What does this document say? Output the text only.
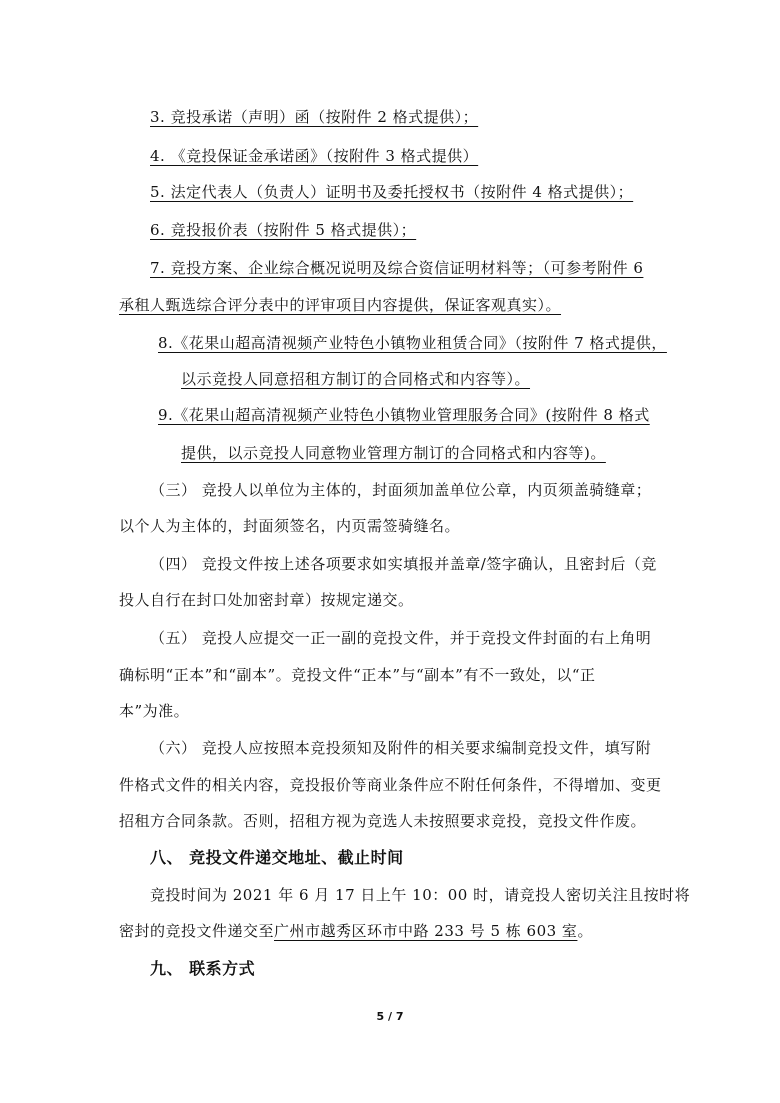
3. 竞投承诺（声明）函（按附件 2 格式提供）；
4. 《竞投保证金承诺函》（按附件 3 格式提供）
5. 法定代表人（负责人）证明书及委托授权书（按附件 4 格式提供）；
6. 竞投报价表（按附件 5 格式提供）；
7. 竞投方案、企业综合概况说明及综合资信证明材料等；（可参考附件 6
承租人甄选综合评分表中的评审项目内容提供，保证客观真实）。
8.《花果山超高清视频产业特色小镇物业租赁合同》（按附件 7 格式提供，
以示竞投人同意招租方制订的合同格式和内容等）。
9.《花果山超高清视频产业特色小镇物业管理服务合同》(按附件 8 格式
提供，以示竞投人同意物业管理方制订的合同格式和内容等)。
（三） 竞投人以单位为主体的，封面须加盖单位公章，内页须盖骑缝章；
以个人为主体的，封面须签名，内页需签骑缝名。
（四） 竞投文件按上述各项要求如实填报并盖章/签字确认，且密封后（竞
投人自行在封口处加密封章）按规定递交。
（五） 竞投人应提交一正一副的竞投文件，并于竞投文件封面的右上角明
确标明“正本”和“副本”。竞投文件“正本”与“副本”有不一致处，以“正
本”为准。
（六） 竞投人应按照本竞投须知及附件的相关要求编制竞投文件，填写附
件格式文件的相关内容，竞投报价等商业条件应不附任何条件，不得增加、变更
招租方合同条款。否则，招租方视为竞选人未按照要求竞投，竞投文件作废。
八、 竞投文件递交地址、截止时间
竞投时间为 2021 年 6 月 17 日上午 10：00 时，请竞投人密切关注且按时将
密封的竞投文件递交至广州市越秀区环市中路 233 号 5 栋 603 室。
九、 联系方式
5 / 7
